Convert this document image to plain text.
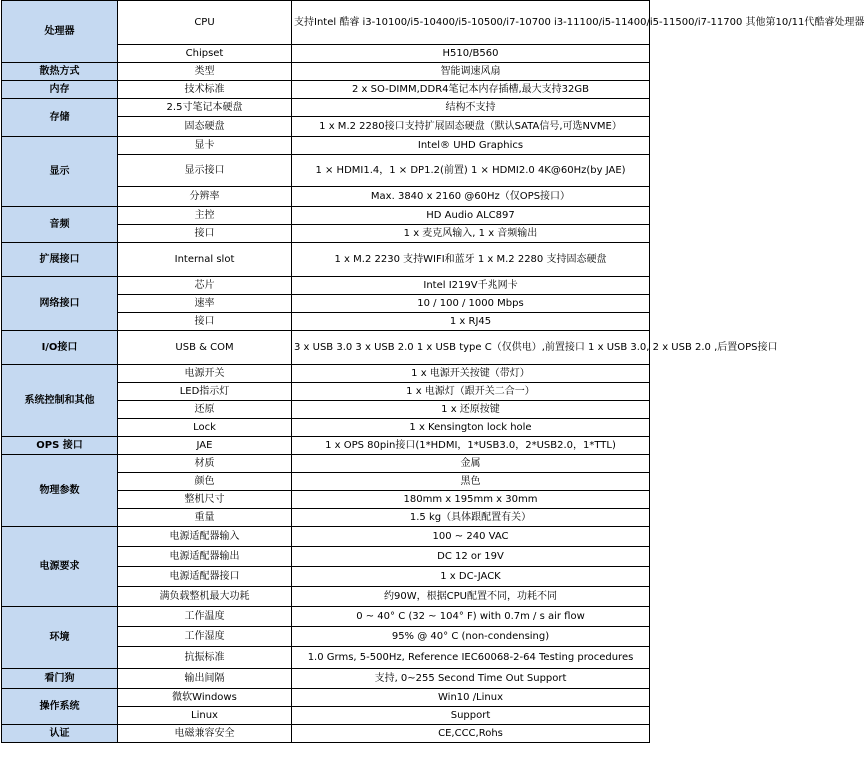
处理器	CPU	支持Intel 酷睿 i3-10100/i5-10400/i5-10500/i7-10700 i3-11100/i5-11400/i5-11500/i7-11700 其他第10/11代酷睿处理器
	Chipset	H510/B560
散热方式	类型	智能调速风扇
内存	技术标准	2 x SO-DIMM,DDR4笔记本内存插槽,最大支持32GB
存储	2.5寸笔记本硬盘	结构不支持
	固态硬盘	1 x M.2 2280接口支持扩展固态硬盘（默认SATA信号,可选NVME）
显示	显卡	Intel® UHD Graphics
	显示接口	1 × HDMI1.4，1 × DP1.2(前置) 1 × HDMI2.0 4K@60Hz(by JAE)
	分辨率	Max. 3840 x 2160 @60Hz（仅OPS接口）
音频	主控	HD Audio ALC897
	接口	1 x 麦克风输入, 1 x 音频输出
扩展接口	Internal slot	1 x M.2 2230 支持WIFI和蓝牙 1 x M.2 2280 支持固态硬盘
网络接口	芯片	Intel I219V千兆网卡
	速率	10 / 100 / 1000 Mbps
	接口	1 x RJ45
I/O接口	USB & COM	3 x USB 3.0 3 x USB 2.0 1 x USB type C（仅供电）,前置接口 1 x USB 3.0, 2 x USB 2.0 ,后置OPS接口
系统控制和其他	电源开关	1 x 电源开关按键（带灯）
	LED指示灯	1 x 电源灯（跟开关二合一）
	还原	1 x 还原按键
	Lock	1 x Kensington lock hole
OPS 接口	JAE	1 x OPS 80pin接口(1*HDMI，1*USB3.0，2*USB2.0，1*TTL)
物理参数	材质	金属
	颜色	黑色
	整机尺寸	180mm x 195mm x 30mm
	重量	1.5 kg（具体跟配置有关）
电源要求	电源适配器输入	100 ~ 240 VAC
	电源适配器输出	DC 12 or 19V
	电源适配器接口	1 x DC-JACK
	满负载整机最大功耗	约90W，根据CPU配置不同，功耗不同
环境	工作温度	0 ~ 40° C (32 ~ 104° F) with 0.7m / s air flow
	工作湿度	95% @ 40° C (non-condensing)
	抗振标准	1.0 Grms, 5-500Hz, Reference IEC60068-2-64 Testing procedures
看门狗	输出间隔	支持, 0~255 Second Time Out Support
操作系统	微软Windows	Win10 /Linux
	Linux	Support
认证	电磁兼容安全	CE,CCC,Rohs
